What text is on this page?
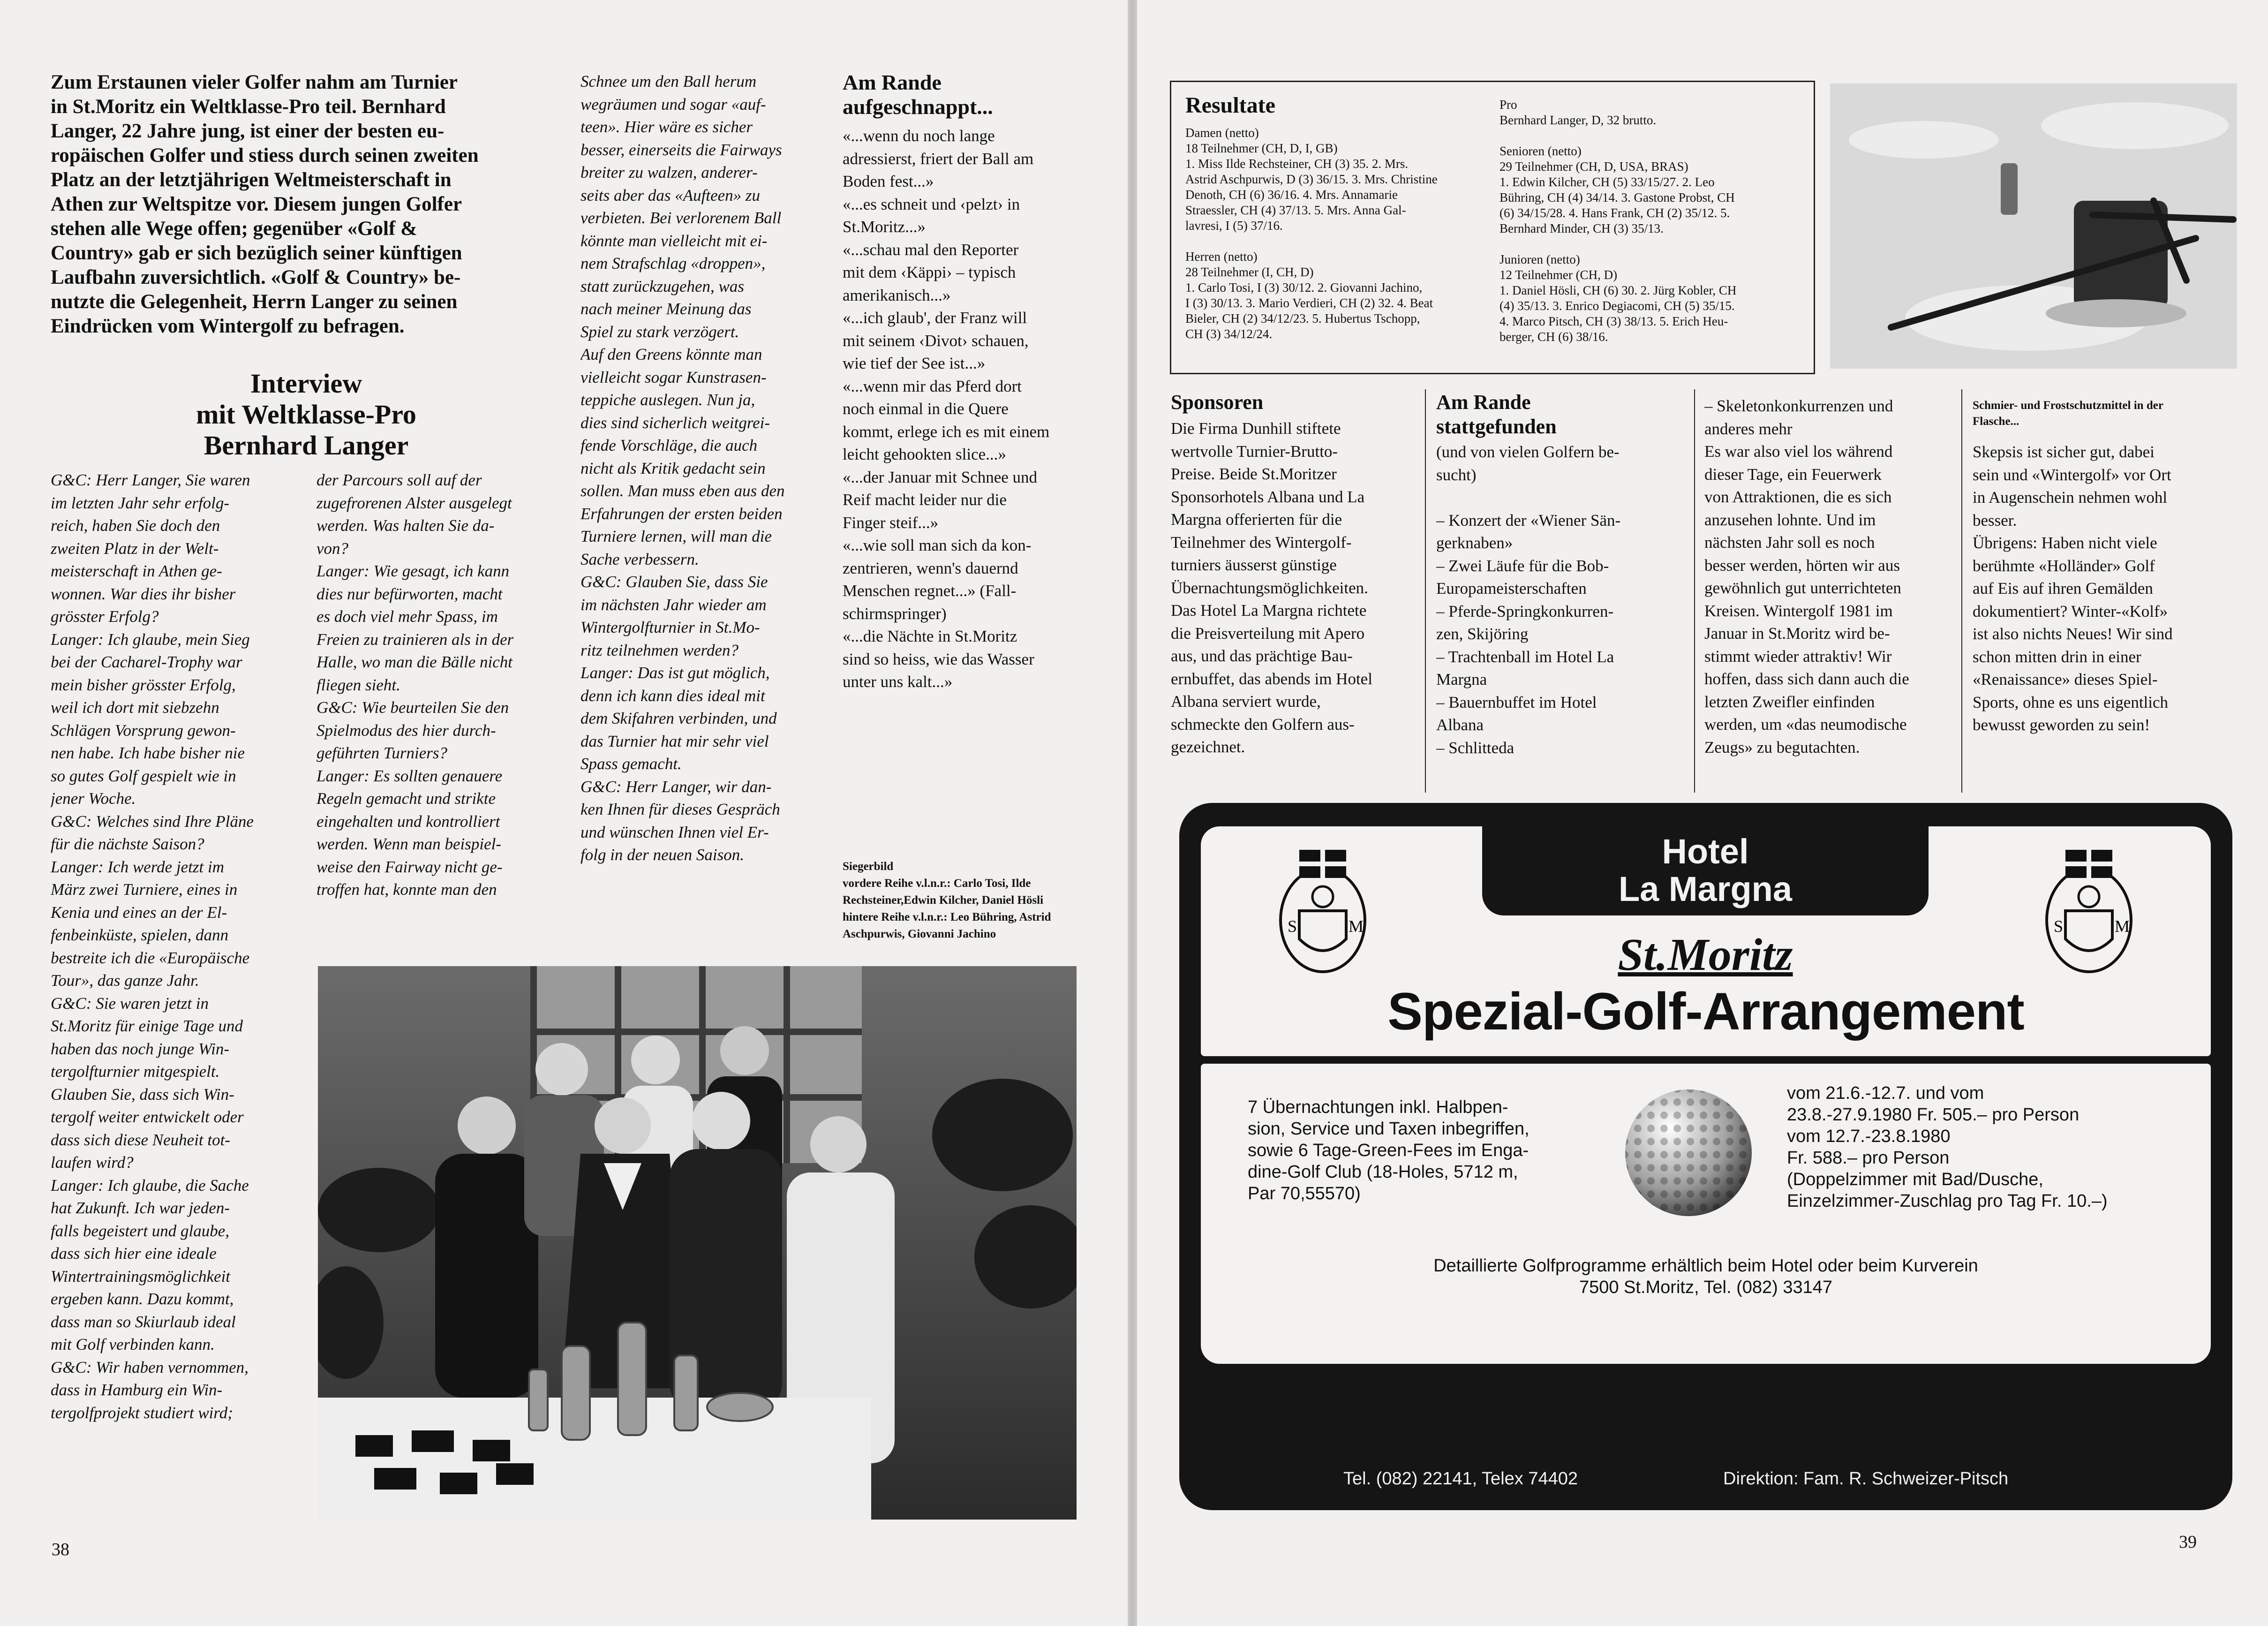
Zum Erstaunen vieler Golfer nahm am Turnier
in St.Moritz ein Weltklasse-Pro teil. Bernhard
Langer, 22 Jahre jung, ist einer der besten eu-
ropäischen Golfer und stiess durch seinen zweiten
Platz an der letztjährigen Weltmeisterschaft in
Athen zur Weltspitze vor. Diesem jungen Golfer
stehen alle Wege offen; gegenüber «Golf &
Country» gab er sich bezüglich seiner künftigen
Laufbahn zuversichtlich. «Golf & Country» be-
nutzte die Gelegenheit, Herrn Langer zu seinen
Eindrücken vom Wintergolf zu befragen.

Interview
mit Weltklasse-Pro
Bernhard Langer

G&C: Herr Langer, Sie waren
im letzten Jahr sehr erfolg-
reich, haben Sie doch den
zweiten Platz in der Welt-
meisterschaft in Athen ge-
wonnen. War dies ihr bisher
grösster Erfolg?
Langer: Ich glaube, mein Sieg
bei der Cacharel-Trophy war
mein bisher grösster Erfolg,
weil ich dort mit siebzehn
Schlägen Vorsprung gewon-
nen habe. Ich habe bisher nie
so gutes Golf gespielt wie in
jener Woche.
G&C: Welches sind Ihre Pläne
für die nächste Saison?
Langer: Ich werde jetzt im
März zwei Turniere, eines in
Kenia und eines an der El-
fenbeinküste, spielen, dann
bestreite ich die «Europäische
Tour», das ganze Jahr.
G&C: Sie waren jetzt in
St.Moritz für einige Tage und
haben das noch junge Win-
tergolfturnier mitgespielt.
Glauben Sie, dass sich Win-
tergolf weiter entwickelt oder
dass sich diese Neuheit tot-
laufen wird?
Langer: Ich glaube, die Sache
hat Zukunft. Ich war jeden-
falls begeistert und glaube,
dass sich hier eine ideale
Wintertrainingsmöglichkeit
ergeben kann. Dazu kommt,
dass man so Skiurlaub ideal
mit Golf verbinden kann.
G&C: Wir haben vernommen,
dass in Hamburg ein Win-
tergolfprojekt studiert wird;

der Parcours soll auf der
zugefrorenen Alster ausgelegt
werden. Was halten Sie da-
von?
Langer: Wie gesagt, ich kann
dies nur befürworten, macht
es doch viel mehr Spass, im
Freien zu trainieren als in der
Halle, wo man die Bälle nicht
fliegen sieht.
G&C: Wie beurteilen Sie den
Spielmodus des hier durch-
geführten Turniers?
Langer: Es sollten genauere
Regeln gemacht und strikte
eingehalten und kontrolliert
werden. Wenn man beispiel-
weise den Fairway nicht ge-
troffen hat, konnte man den

Schnee um den Ball herum
wegräumen und sogar «auf-
teen». Hier wäre es sicher
besser, einerseits die Fairways
breiter zu walzen, anderer-
seits aber das «Aufteen» zu
verbieten. Bei verlorenem Ball
könnte man vielleicht mit ei-
nem Strafschlag «droppen»,
statt zurückzugehen, was
nach meiner Meinung das
Spiel zu stark verzögert.
Auf den Greens könnte man
vielleicht sogar Kunstrasen-
teppiche auslegen. Nun ja,
dies sind sicherlich weitgrei-
fende Vorschläge, die auch
nicht als Kritik gedacht sein
sollen. Man muss eben aus den
Erfahrungen der ersten beiden
Turniere lernen, will man die
Sache verbessern.
G&C: Glauben Sie, dass Sie
im nächsten Jahr wieder am
Wintergolfturnier in St.Mo-
ritz teilnehmen werden?
Langer: Das ist gut möglich,
denn ich kann dies ideal mit
dem Skifahren verbinden, und
das Turnier hat mir sehr viel
Spass gemacht.
G&C: Herr Langer, wir dan-
ken Ihnen für dieses Gespräch
und wünschen Ihnen viel Er-
folg in der neuen Saison.

Am Rande
aufgeschnappt...

«...wenn du noch lange
adressierst, friert der Ball am
Boden fest...»
«...es schneit und ‹pelzt› in
St.Moritz...»
«...schau mal den Reporter
mit dem ‹Käppi› – typisch
amerikanisch...»
«...ich glaub', der Franz will
mit seinem ‹Divot› schauen,
wie tief der See ist...»
«...wenn mir das Pferd dort
noch einmal in die Quere
kommt, erlege ich es mit einem
leicht gehookten slice...»
«...der Januar mit Schnee und
Reif macht leider nur die
Finger steif...»
«...wie soll man sich da kon-
zentrieren, wenn's dauernd
Menschen regnet...» (Fall-
schirmspringer)
«...die Nächte in St.Moritz
sind so heiss, wie das Wasser
unter uns kalt...»

Siegerbild
vordere Reihe v.l.n.r.: Carlo Tosi, Ilde
Rechsteiner,Edwin Kilcher, Daniel Hösli
hintere Reihe v.l.n.r.: Leo Bühring, Astrid
Aschpurwis, Giovanni Jachino

38

Resultate

Damen (netto)
18 Teilnehmer (CH, D, I, GB)
1. Miss Ilde Rechsteiner, CH (3) 35. 2. Mrs.
Astrid Aschpurwis, D (3) 36/15. 3. Mrs. Christine
Denoth, CH (6) 36/16. 4. Mrs. Annamarie
Straessler, CH (4) 37/13. 5. Mrs. Anna Gal-
lavresi, I (5) 37/16.

Herren (netto)
28 Teilnehmer (I, CH, D)
1. Carlo Tosi, I (3) 30/12. 2. Giovanni Jachino,
I (3) 30/13. 3. Mario Verdieri, CH (2) 32. 4. Beat
Bieler, CH (2) 34/12/23. 5. Hubertus Tschopp,
CH (3) 34/12/24.

Pro
Bernhard Langer, D, 32 brutto.

Senioren (netto)
29 Teilnehmer (CH, D, USA, BRAS)
1. Edwin Kilcher, CH (5) 33/15/27. 2. Leo
Bühring, CH (4) 34/14. 3. Gastone Probst, CH
(6) 34/15/28. 4. Hans Frank, CH (2) 35/12. 5.
Bernhard Minder, CH (3) 35/13.

Junioren (netto)
12 Teilnehmer (CH, D)
1. Daniel Hösli, CH (6) 30. 2. Jürg Kobler, CH
(4) 35/13. 3. Enrico Degiacomi, CH (5) 35/15.
4. Marco Pitsch, CH (3) 38/13. 5. Erich Heu-
berger, CH (6) 38/16.

Sponsoren

Die Firma Dunhill stiftete
wertvolle Turnier-Brutto-
Preise. Beide St.Moritzer
Sponsorhotels Albana und La
Margna offerierten für die
Teilnehmer des Wintergolf-
turniers äusserst günstige
Übernachtungsmöglichkeiten.
Das Hotel La Margna richtete
die Preisverteilung mit Apero
aus, und das prächtige Bau-
ernbuffet, das abends im Hotel
Albana serviert wurde,
schmeckte den Golfern aus-
gezeichnet.

Am Rande
stattgefunden

(und von vielen Golfern be-
sucht)

– Konzert der «Wiener Sän-
gerknaben»
– Zwei Läufe für die Bob-
Europameisterschaften
– Pferde-Springkonkurren-
zen, Skijöring
– Trachtenball im Hotel La
Margna
– Bauernbuffet im Hotel
Albana
– Schlitteda

– Skeletonkonkurrenzen und
anderes mehr
Es war also viel los während
dieser Tage, ein Feuerwerk
von Attraktionen, die es sich
anzusehen lohnte. Und im
nächsten Jahr soll es noch
besser werden, hörten wir aus
gewöhnlich gut unterrichteten
Kreisen. Wintergolf 1981 im
Januar in St.Moritz wird be-
stimmt wieder attraktiv! Wir
hoffen, dass sich dann auch die
letzten Zweifler einfinden
werden, um «das neumodische
Zeugs» zu begutachten.

Schmier- und Frostschutzmittel in der
Flasche...

Skepsis ist sicher gut, dabei
sein und «Wintergolf» vor Ort
in Augenschein nehmen wohl
besser.
Übrigens: Haben nicht viele
berühmte «Holländer» Golf
auf Eis auf ihren Gemälden
dokumentiert? Winter-«Kolf»
ist also nichts Neues! Wir sind
schon mitten drin in einer
«Renaissance» dieses Spiel-
Sports, ohne es uns eigentlich
bewusst geworden zu sein!

S	M	S	M

Hotel
La Margna

St.Moritz
Spezial-Golf-Arrangement

7 Übernachtungen inkl. Halbpen-
sion, Service und Taxen inbegriffen,
sowie 6 Tage-Green-Fees im Enga-
dine-Golf Club (18-Holes, 5712 m,
Par 70,55570)

vom 21.6.-12.7. und vom
23.8.-27.9.1980 Fr. 505.– pro Person
vom 12.7.-23.8.1980
Fr. 588.– pro Person
(Doppelzimmer mit Bad/Dusche,
Einzelzimmer-Zuschlag pro Tag Fr. 10.–)

Detaillierte Golfprogramme erhältlich beim Hotel oder beim Kurverein
7500 St.Moritz, Tel. (082) 33147

Tel. (082) 22141, Telex 74402	Direktion: Fam. R. Schweizer-Pitsch
39
